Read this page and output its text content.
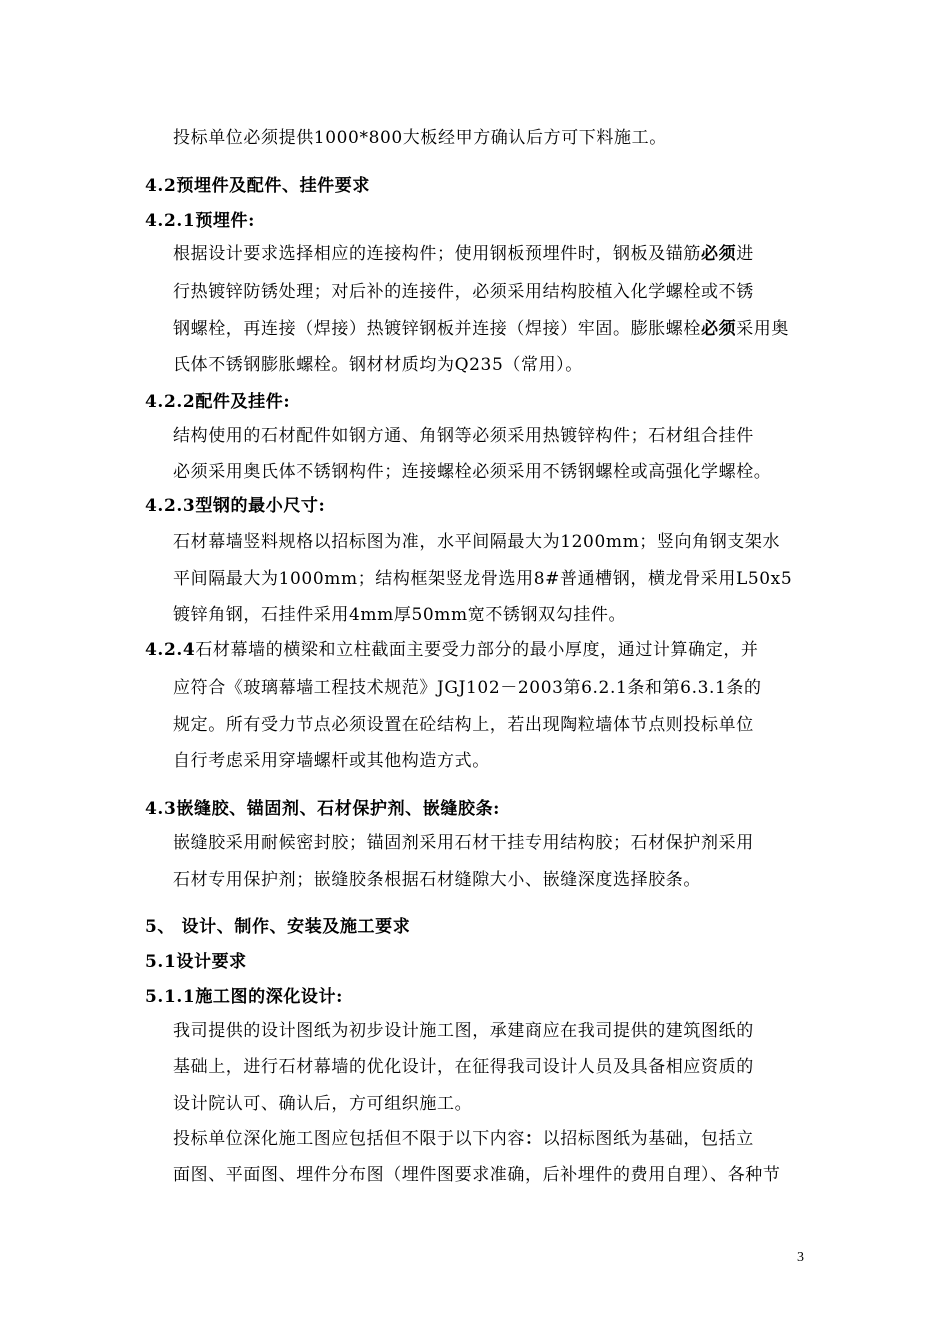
投标单位必须提供1000*800大板经甲方确认后方可下料施工。
4.2预埋件及配件、挂件要求
4.2.1预埋件:
根据设计要求选择相应的连接构件；使用钢板预埋件时，钢板及锚筋必须进
行热镀锌防锈处理；对后补的连接件，必须采用结构胶植入化学螺栓或不锈
钢螺栓，再连接（焊接）热镀锌钢板并连接（焊接）牢固。膨胀螺栓必须采用奥
氏体不锈钢膨胀螺栓。钢材材质均为Q235（常用）。
4.2.2配件及挂件:
结构使用的石材配件如钢方通、角钢等必须采用热镀锌构件；石材组合挂件
必须采用奥氏体不锈钢构件；连接螺栓必须采用不锈钢螺栓或高强化学螺栓。
4.2.3型钢的最小尺寸:
石材幕墙竖料规格以招标图为准，水平间隔最大为1200mm；竖向角钢支架水
平间隔最大为1000mm；结构框架竖龙骨选用8#普通槽钢，横龙骨采用L50x5
镀锌角钢，石挂件采用4mm厚50mm宽不锈钢双勾挂件。
4.2.4石材幕墙的横梁和立柱截面主要受力部分的最小厚度，通过计算确定，并
应符合《玻璃幕墙工程技术规范》JGJ102－2003第6.2.1条和第6.3.1条的
规定。所有受力节点必须设置在砼结构上，若出现陶粒墙体节点则投标单位
自行考虑采用穿墙螺杆或其他构造方式。
4.3嵌缝胶、锚固剂、石材保护剂、嵌缝胶条:
嵌缝胶采用耐候密封胶；锚固剂采用石材干挂专用结构胶；石材保护剂采用
石材专用保护剂；嵌缝胶条根据石材缝隙大小、嵌缝深度选择胶条。
5、 设计、制作、安装及施工要求
5.1设计要求
5.1.1施工图的深化设计:
我司提供的设计图纸为初步设计施工图，承建商应在我司提供的建筑图纸的
基础上，进行石材幕墙的优化设计，在征得我司设计人员及具备相应资质的
设计院认可、确认后，方可组织施工。
投标单位深化施工图应包括但不限于以下内容：以招标图纸为基础，包括立
面图、平面图、埋件分布图（埋件图要求准确，后补埋件的费用自理）、各种节
3
